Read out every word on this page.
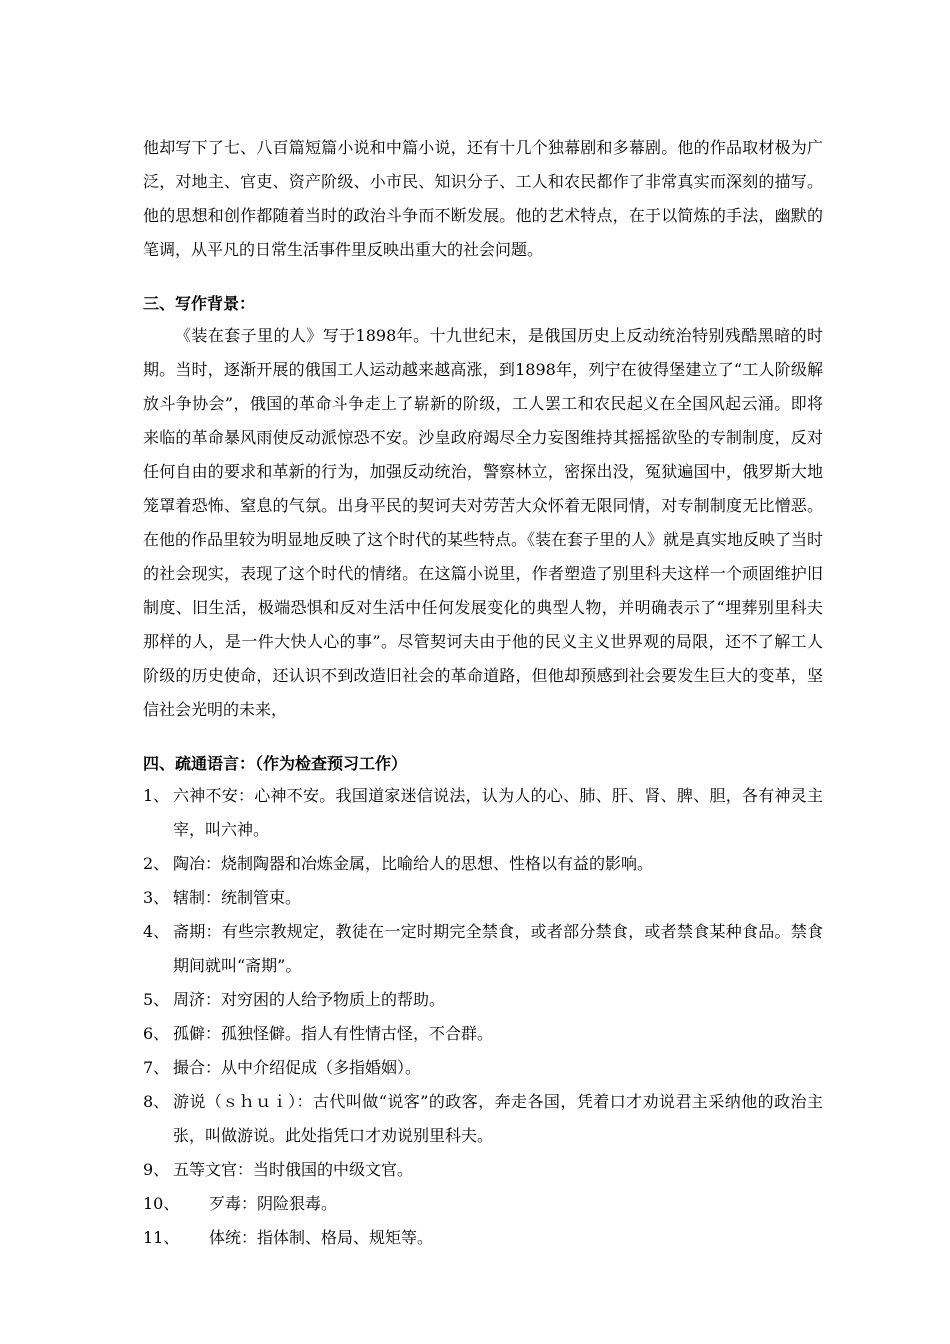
他却写下了七、八百篇短篇小说和中篇小说，还有十几个独幕剧和多幕剧。他的作品取材极为广泛，对地主、官吏、资产阶级、小市民、知识分子、工人和农民都作了非常真实而深刻的描写。他的思想和创作都随着当时的政治斗争而不断发展。他的艺术特点，在于以简炼的手法，幽默的笔调，从平凡的日常生活事件里反映出重大的社会问题。

三、写作背景：

《装在套子里的人》写于1898年。十九世纪末，是俄国历史上反动统治特别残酷黑暗的时期。当时，逐渐开展的俄国工人运动越来越高涨，到1898年，列宁在彼得堡建立了“工人阶级解放斗争协会”，俄国的革命斗争走上了崭新的阶级，工人罢工和农民起义在全国风起云涌。即将来临的革命暴风雨使反动派惊恐不安。沙皇政府竭尽全力妄图维持其摇摇欲坠的专制制度，反对任何自由的要求和革新的行为，加强反动统治，警察林立，密探出没，冤狱遍国中，俄罗斯大地笼罩着恐怖、窒息的气氛。出身平民的契诃夫对劳苦大众怀着无限同情，对专制制度无比憎恶。在他的作品里较为明显地反映了这个时代的某些特点。《装在套子里的人》就是真实地反映了当时的社会现实，表现了这个时代的情绪。在这篇小说里，作者塑造了别里科夫这样一个顽固维护旧制度、旧生活，极端恐惧和反对生活中任何发展变化的典型人物，并明确表示了“埋葬别里科夫那样的人，是一件大快人心的事”。尽管契诃夫由于他的民义主义世界观的局限，还不了解工人阶级的历史使命，还认识不到改造旧社会的革命道路，但他却预感到社会要发生巨大的变革，坚信社会光明的未来，

四、疏通语言：（作为检查预习工作）

1、 六神不安：心神不安。我国道家迷信说法，认为人的心、肺、肝、肾、脾、胆，各有神灵主宰，叫六神。
2、 陶冶：烧制陶器和冶炼金属，比喻给人的思想、性格以有益的影响。
3、 辖制：统制管束。
4、 斋期：有些宗教规定，教徒在一定时期完全禁食，或者部分禁食，或者禁食某种食品。禁食期间就叫“斋期”。
5、 周济：对穷困的人给予物质上的帮助。
6、 孤僻：孤独怪僻。指人有性情古怪，不合群。
7、 撮合：从中介绍促成（多指婚姻）。
8、 游说（ｓｈｕｉ）：古代叫做“说客”的政客，奔走各国，凭着口才劝说君主采纳他的政治主张，叫做游说。此处指凭口才劝说别里科夫。
9、 五等文官：当时俄国的中级文官。
10、	歹毒：阴险狠毒。
11、	体统：指体制、格局、规矩等。
